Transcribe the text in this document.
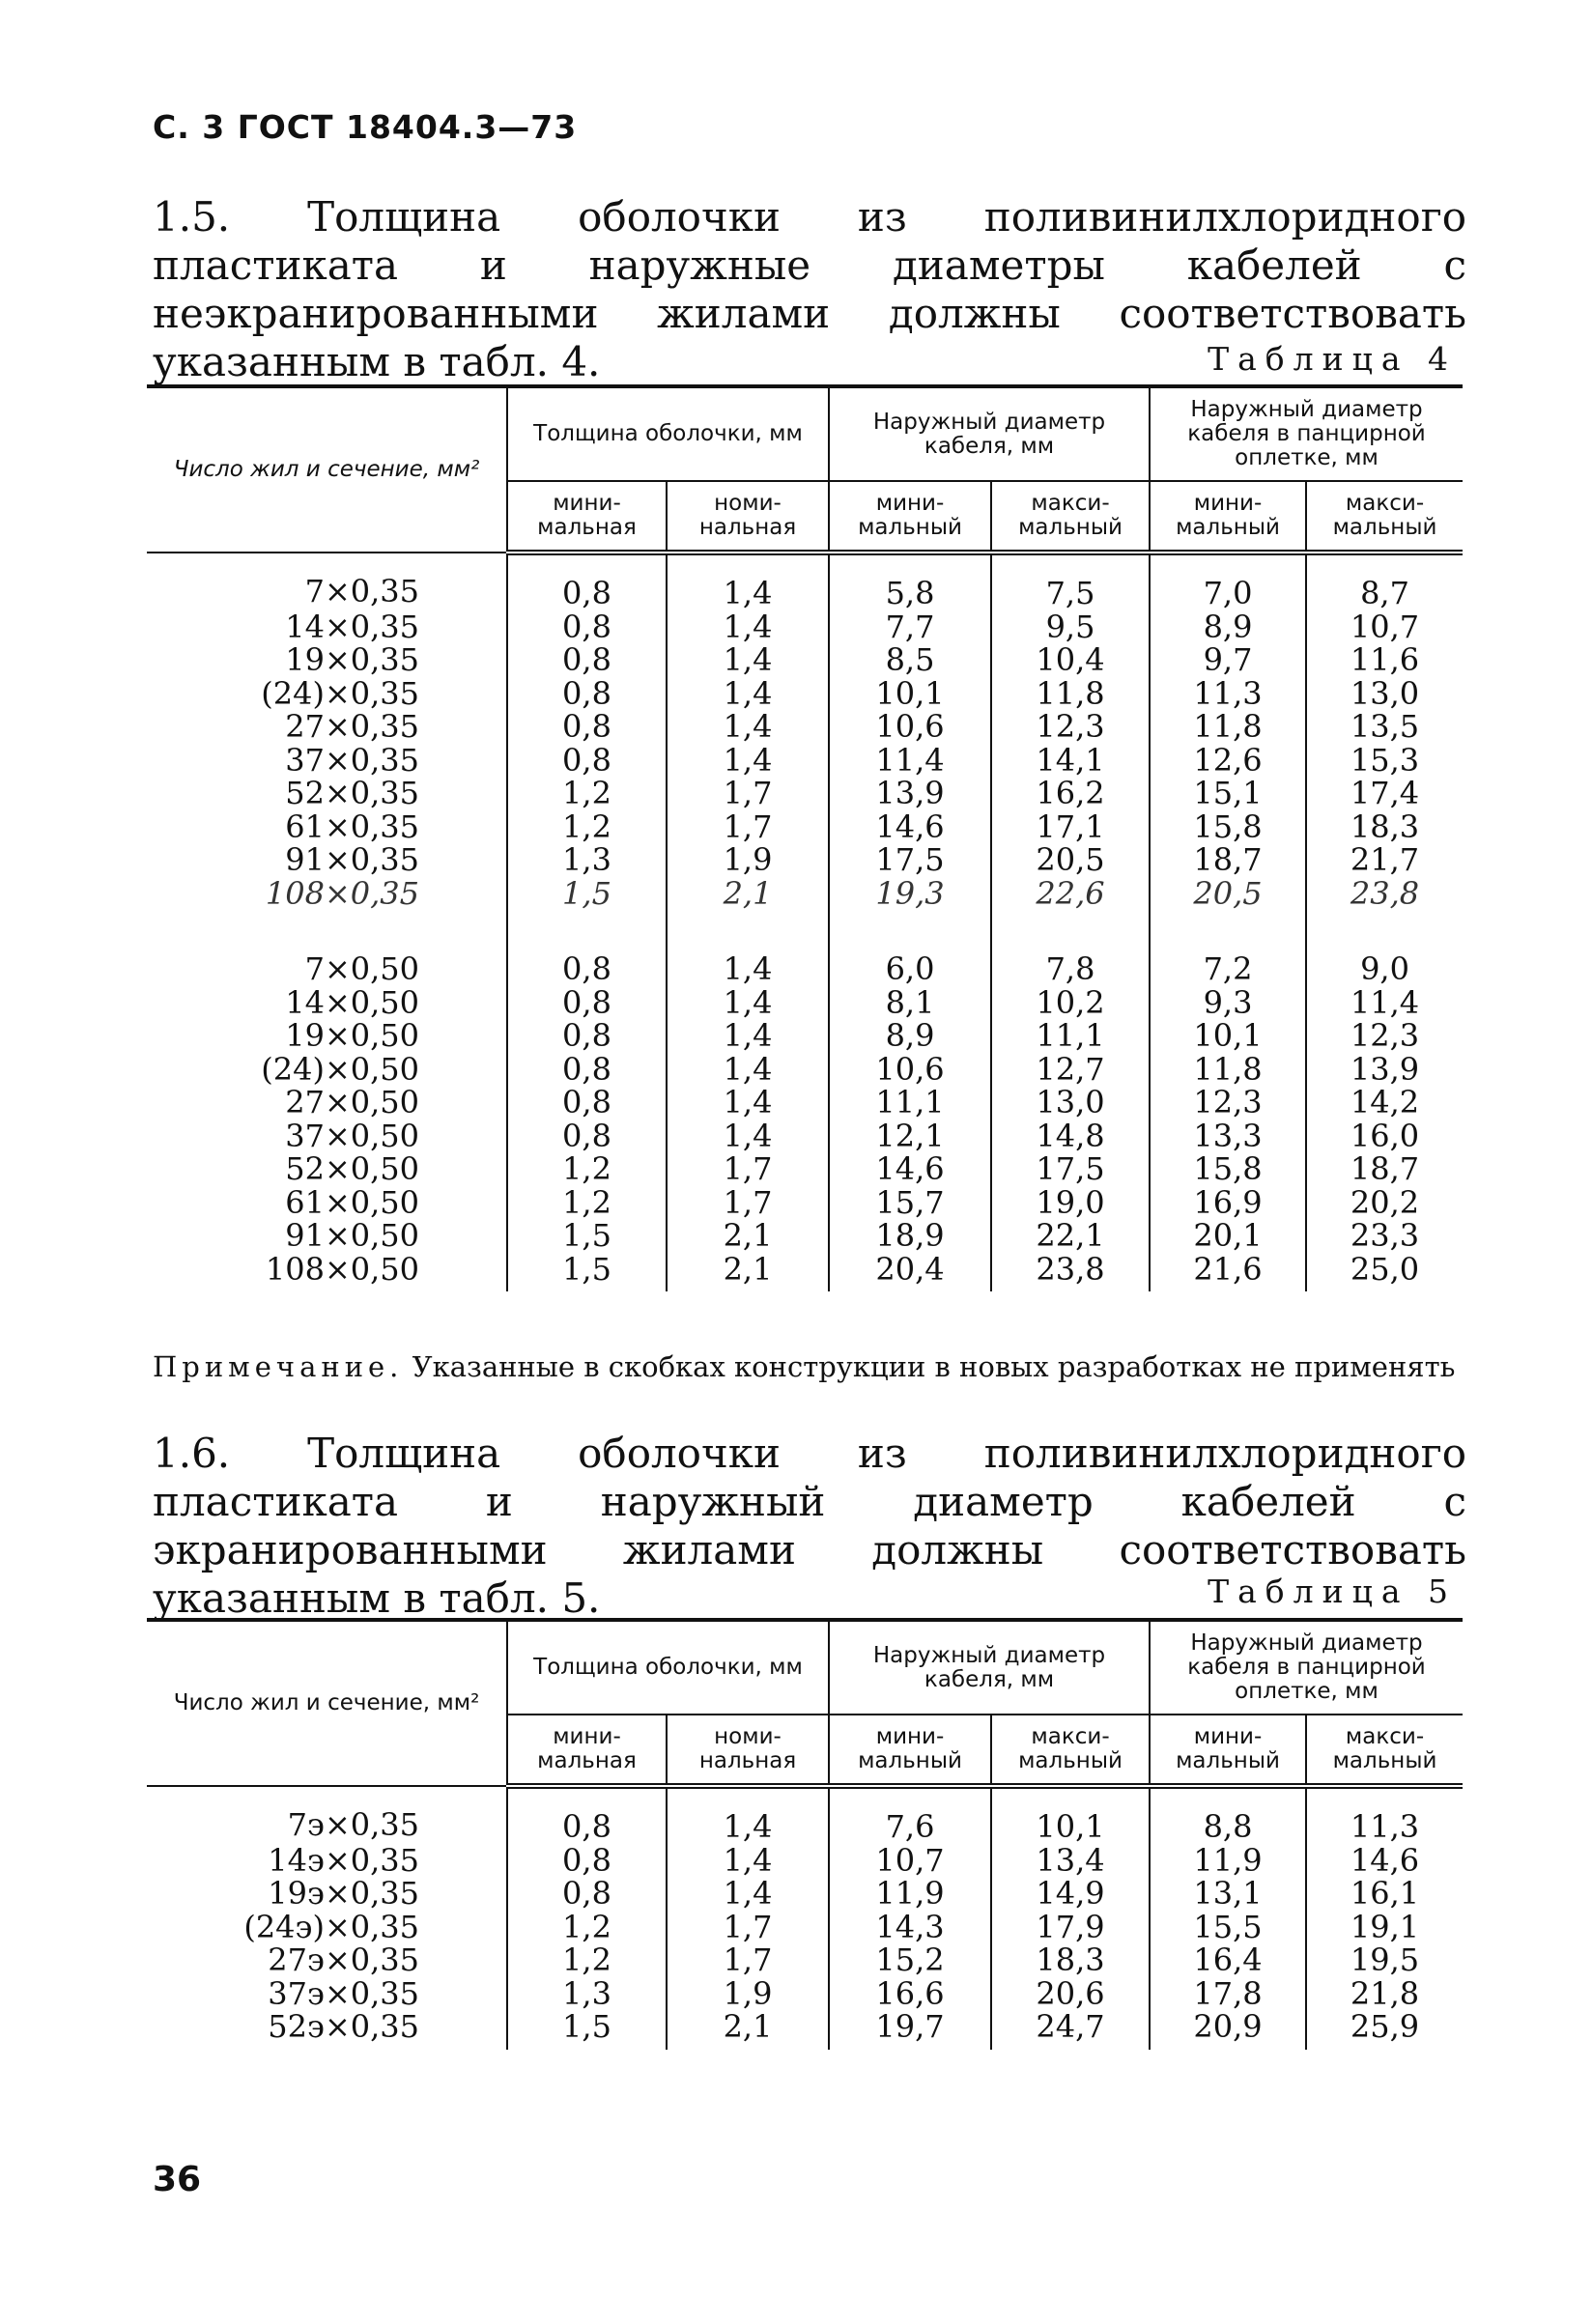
С. 3 ГОСТ 18404.3—73

1.5. Толщина оболочки из поливинилхлоридного пластиката и наружные диаметры кабелей с неэкранированными жилами должны соответствовать указанным в табл. 4.	Таблица 4
Число жил и сечение, мм²	Толщина оболочки, мм		Наружный диаметр кабеля, мм		Наружный диаметр кабеля в панцирной оплетке, мм	
	мини-мальная	номи-нальная	мини-мальный	макси-мальный	мини-мальный	макси-мальный
7×0,35	0,8	1,4	5,8	7,5	7,0	8,7
14×0,35	0,8	1,4	7,7	9,5	8,9	10,7
19×0,35	0,8	1,4	8,5	10,4	9,7	11,6
(24)×0,35	0,8	1,4	10,1	11,8	11,3	13,0
27×0,35	0,8	1,4	10,6	12,3	11,8	13,5
37×0,35	0,8	1,4	11,4	14,1	12,6	15,3
52×0,35	1,2	1,7	13,9	16,2	15,1	17,4
61×0,35	1,2	1,7	14,6	17,1	15,8	18,3
91×0,35	1,3	1,9	17,5	20,5	18,7	21,7
108×0,35	1,5	2,1	19,3	22,6	20,5	23,8
7×0,50	0,8	1,4	6,0	7,8	7,2	9,0
14×0,50	0,8	1,4	8,1	10,2	9,3	11,4
19×0,50	0,8	1,4	8,9	11,1	10,1	12,3
(24)×0,50	0,8	1,4	10,6	12,7	11,8	13,9
27×0,50	0,8	1,4	11,1	13,0	12,3	14,2
37×0,50	0,8	1,4	12,1	14,8	13,3	16,0
52×0,50	1,2	1,7	14,6	17,5	15,8	18,7
61×0,50	1,2	1,7	15,7	19,0	16,9	20,2
91×0,50	1,5	2,1	18,9	22,1	20,1	23,3
108×0,50	1,5	2,1	20,4	23,8	21,6	25,0

Примечание. Указанные в скобках конструкции в новых разработках не применять

1.6. Толщина оболочки из поливинилхлоридного пластиката и наружный диаметр кабелей с экранированными жилами должны соответствовать указанным в табл. 5.	Таблица 5
Число жил и сечение, мм²	Толщина оболочки, мм		Наружный диаметр кабеля, мм		Наружный диаметр кабеля в панцирной оплетке, мм	
	мини-мальная	номи-нальная	мини-мальный	макси-мальный	мини-мальный	макси-мальный
7э×0,35	0,8	1,4	7,6	10,1	8,8	11,3
14э×0,35	0,8	1,4	10,7	13,4	11,9	14,6
19э×0,35	0,8	1,4	11,9	14,9	13,1	16,1
(24э)×0,35	1,2	1,7	14,3	17,9	15,5	19,1
27э×0,35	1,2	1,7	15,2	18,3	16,4	19,5
37э×0,35	1,3	1,9	16,6	20,6	17,8	21,8
52э×0,35	1,5	2,1	19,7	24,7	20,9	25,9
36
